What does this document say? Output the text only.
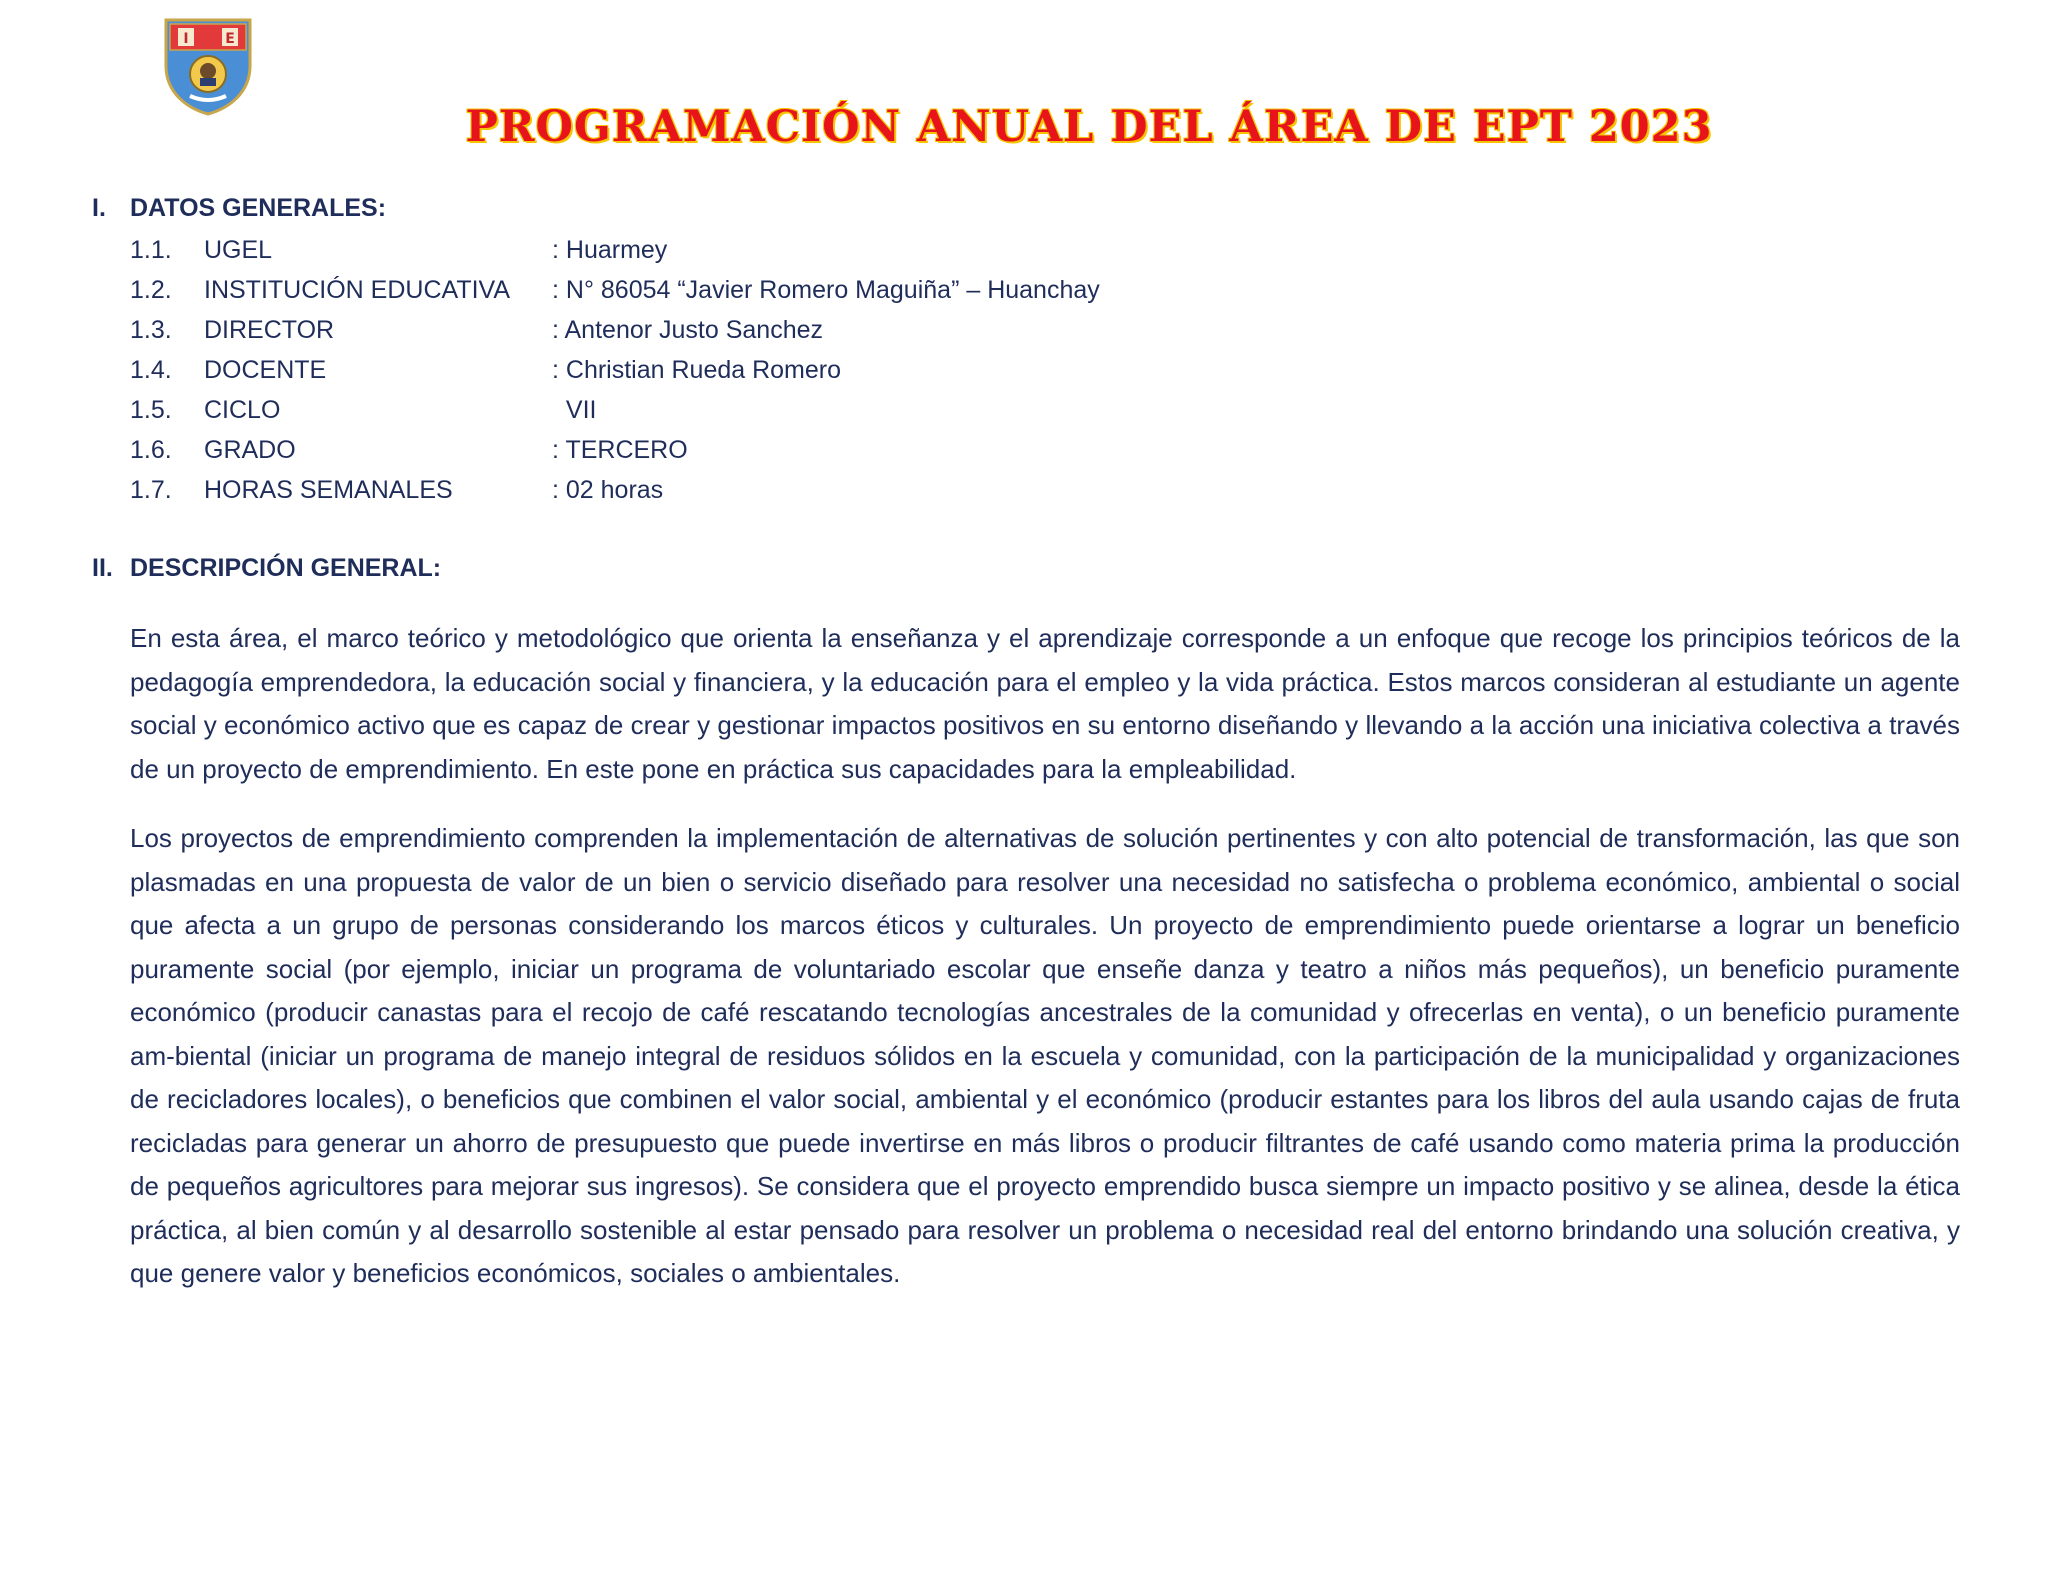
I	E
PROGRAMACIÓN ANUAL DEL ÁREA DE EPT 2023
I. DATOS GENERALES:
1.1. UGEL	: Huarmey
1.2. INSTITUCIÓN EDUCATIVA : N° 86054 “Javier Romero Maguiña” – Huanchay
1.3. DIRECTOR	: Antenor Justo Sanchez
1.4. DOCENTE	: Christian Rueda Romero
1.5. CICLO	VII
1.6. GRADO	: TERCERO
1.7. HORAS SEMANALES	: 02 horas
II. DESCRIPCIÓN GENERAL:

En esta área, el marco teórico y metodológico que orienta la enseñanza y el aprendizaje corresponde a un enfoque que recoge los principios teóricos de la pedagogía emprendedora, la educación social y financiera, y la educación para el empleo y la vida práctica. Estos marcos consideran al estudiante un agente social y económico activo que es capaz de crear y gestionar impactos positivos en su entorno diseñando y llevando a la acción una iniciativa colectiva a través de un proyecto de emprendimiento. En este pone en práctica sus capacidades para la empleabilidad.

Los proyectos de emprendimiento comprenden la implementación de alternativas de solución pertinentes y con alto potencial de transformación, las que son plasmadas en una propuesta de valor de un bien o servicio diseñado para resolver una necesidad no satisfecha o problema económico, ambiental o social que afecta a un grupo de personas considerando los marcos éticos y culturales. Un proyecto de emprendimiento puede orientarse a lograr un beneficio puramente social (por ejemplo, iniciar un programa de voluntariado escolar que enseñe danza y teatro a niños más pequeños), un beneficio puramente económico (producir canastas para el recojo de café rescatando tecnologías ancestrales de la comunidad y ofrecerlas en venta), o un beneficio puramente am-biental (iniciar un programa de manejo integral de residuos sólidos en la escuela y comunidad, con la participación de la municipalidad y organizaciones de recicladores locales), o beneficios que combinen el valor social, ambiental y el económico (producir estantes para los libros del aula usando cajas de fruta recicladas para generar un ahorro de presupuesto que puede invertirse en más libros o producir filtrantes de café usando como materia prima la producción de pequeños agricultores para mejorar sus ingresos). Se considera que el proyecto emprendido busca siempre un impacto positivo y se alinea, desde la ética práctica, al bien común y al desarrollo sostenible al estar pensado para resolver un problema o necesidad real del entorno brindando una solución creativa, y que genere valor y beneficios económicos, sociales o ambientales.
